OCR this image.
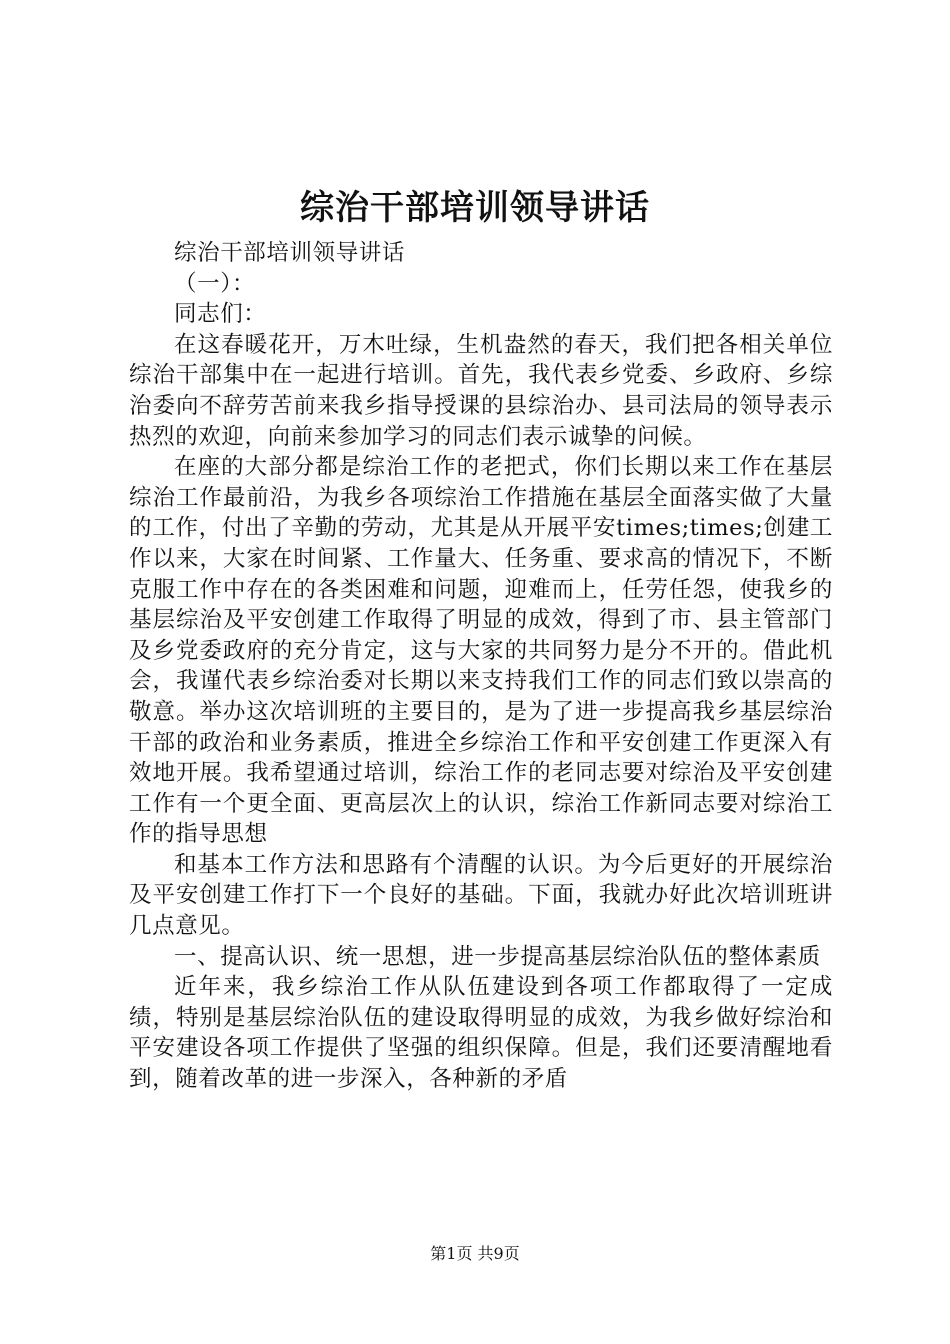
综治干部培训领导讲话

综治干部培训领导讲话

（一）：

同志们：

在这春暖花开，万木吐绿，生机盎然的春天，我们把各相关单位综治干部集中在一起进行培训。首先，我代表乡党委、乡政府、乡综治委向不辞劳苦前来我乡指导授课的县综治办、县司法局的领导表示热烈的欢迎，向前来参加学习的同志们表示诚挚的问候。

在座的大部分都是综治工作的老把式，你们长期以来工作在基层综治工作最前沿，为我乡各项综治工作措施在基层全面落实做了大量的工作，付出了辛勤的劳动，尤其是从开展平安times;times;创建工作以来，大家在时间紧、工作量大、任务重、要求高的情况下，不断克服工作中存在的各类困难和问题，迎难而上，任劳任怨，使我乡的基层综治及平安创建工作取得了明显的成效，得到了市、县主管部门及乡党委政府的充分肯定，这与大家的共同努力是分不开的。借此机会，我谨代表乡综治委对长期以来支持我们工作的同志们致以崇高的敬意。举办这次培训班的主要目的，是为了进一步提高我乡基层综治干部的政治和业务素质，推进全乡综治工作和平安创建工作更深入有效地开展。我希望通过培训，综治工作的老同志要对综治及平安创建工作有一个更全面、更高层次上的认识，综治工作新同志要对综治工作的指导思想

和基本工作方法和思路有个清醒的认识。为今后更好的开展综治及平安创建工作打下一个良好的基础。下面，我就办好此次培训班讲几点意见。

一、提高认识、统一思想，进一步提高基层综治队伍的整体素质

近年来，我乡综治工作从队伍建设到各项工作都取得了一定成绩，特别是基层综治队伍的建设取得明显的成效，为我乡做好综治和平安建设各项工作提供了坚强的组织保障。但是，我们还要清醒地看到，随着改革的进一步深入，各种新的矛盾

第1页 共9页
